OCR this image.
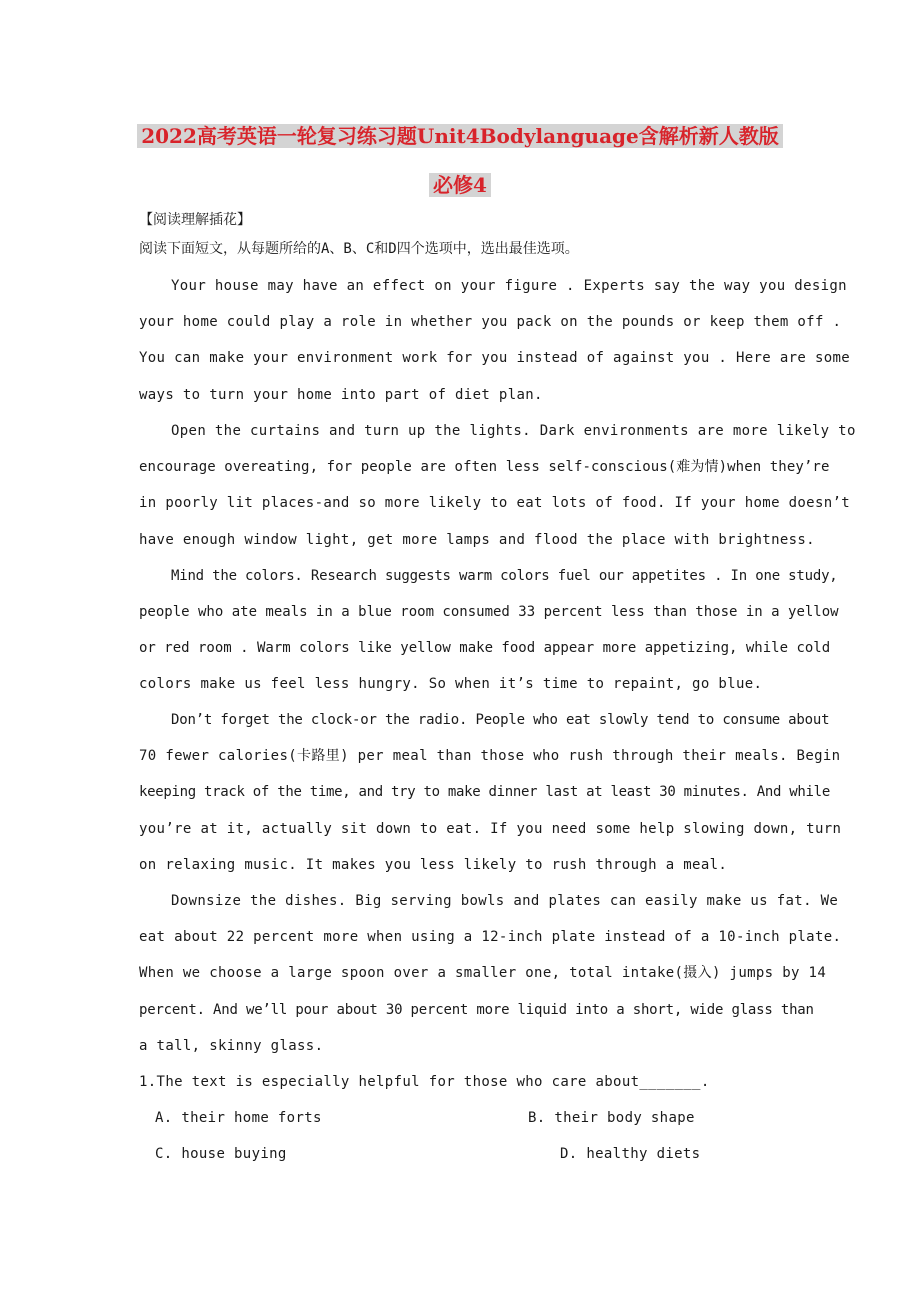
2022高考英语一轮复习练习题Unit4Bodylanguage含解析新人教版
必修4
【阅读理解插花】
阅读下面短文，从每题所给的A、B、C和D四个选项中，选出最佳选项。
Your house may have an effect on your figure . Experts say the way you design
your home could play a role in whether you pack on the pounds or keep them off .
You can make your environment work for you instead of against you . Here are some
ways to turn your home into part of diet plan.
Open the curtains and turn up the lights. Dark environments are more likely to
encourage overeating, for people are often less self-conscious(难为情)when they’re
in poorly lit places-and so more likely to eat lots of food. If your home doesn’t
have enough window light, get more lamps and flood the place with brightness.
Mind the colors. Research suggests warm colors fuel our appetites . In one study,
people who ate meals in a blue room consumed 33 percent less than those in a yellow
or red room . Warm colors like yellow make food appear more appetizing, while cold
colors make us feel less hungry. So when it’s time to repaint, go blue.
Don’t forget the clock-or the radio. People who eat slowly tend to consume about
70 fewer calories(卡路里) per meal than those who rush through their meals. Begin
keeping track of the time, and try to make dinner last at least 30 minutes. And while
you’re at it, actually sit down to eat. If you need some help slowing down, turn
on relaxing music. It makes you less likely to rush through a meal.
Downsize the dishes. Big serving bowls and plates can easily make us fat. We
eat about 22 percent more when using a 12-inch plate instead of a 10-inch plate.
When we choose a large spoon over a smaller one, total intake(摄入) jumps by 14
percent. And we’ll pour about 30 percent more liquid into a short, wide glass than
a tall, skinny glass.
1.The text is especially helpful for those who care about_______.
A. their home forts	B. their body shape
C. house buying	D. healthy diets
